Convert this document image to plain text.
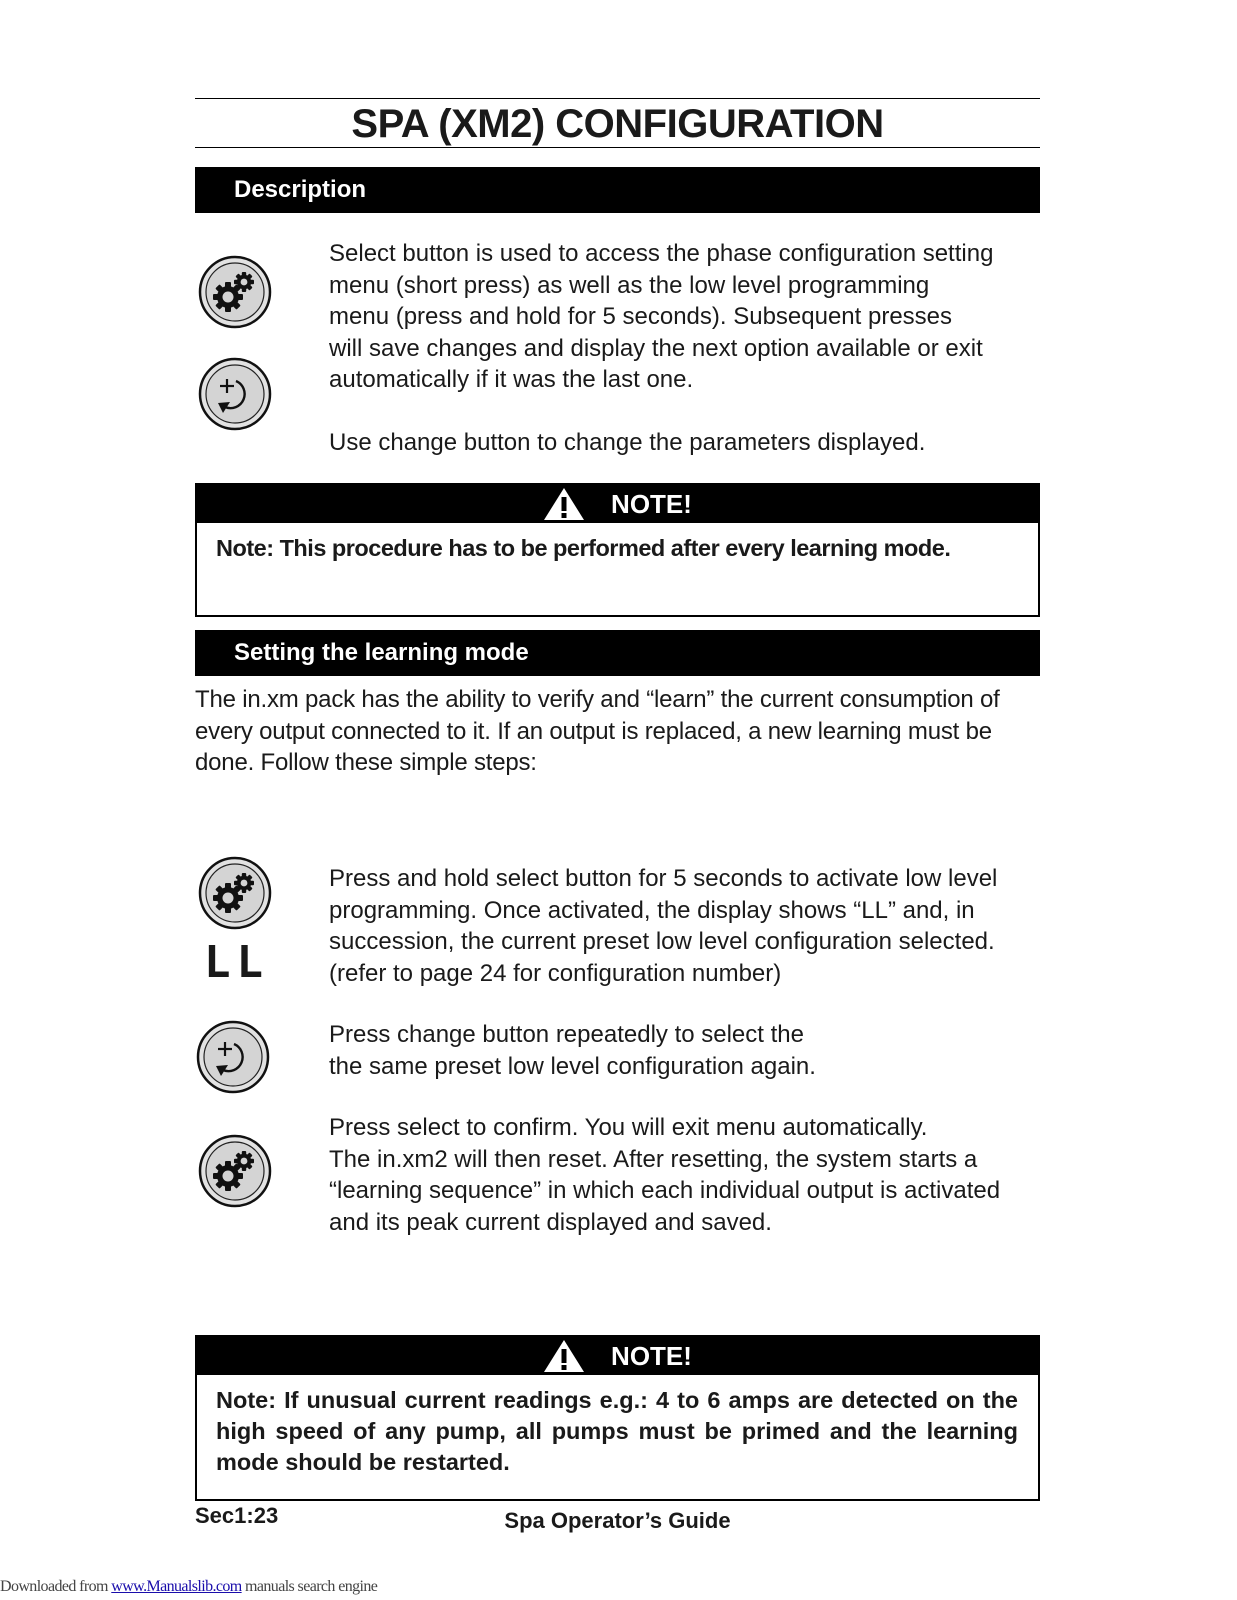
SPA (XM2) CONFIGURATION
Description
Select button is used to access the phase configuration setting
menu (short press) as well as the low level programming
menu (press and hold for 5 seconds). Subsequent presses
will save changes and display the next option available or exit
automatically if it was the last one.
Use change button to change the parameters displayed.
NOTE!

Note: This procedure has to be performed after every learning mode.

Setting the learning mode
The in.xm pack has the ability to verify and “learn” the current consumption of
every output connected to it. If an output is replaced, a new learning must be
done. Follow these simple steps:
LL
Press and hold select button for 5 seconds to activate low level
programming. Once activated, the display shows “LL” and, in
succession, the current preset low level configuration selected.
(refer to page 24 for configuration number)
Press change button repeatedly to select the
the same preset low level configuration again.
Press select to confirm. You will exit menu automatically.
The in.xm2 will then reset. After resetting, the system starts a
“learning sequence” in which each individual output is activated
and its peak current displayed and saved.
NOTE!

Note: If unusual current readings e.g.: 4 to 6 amps are detected on the high speed of any pump, all pumps must be primed and the learning mode should be restarted.

Sec1:23	Spa Operator’s Guide
Downloaded from www.Manualslib.com manuals search engine
